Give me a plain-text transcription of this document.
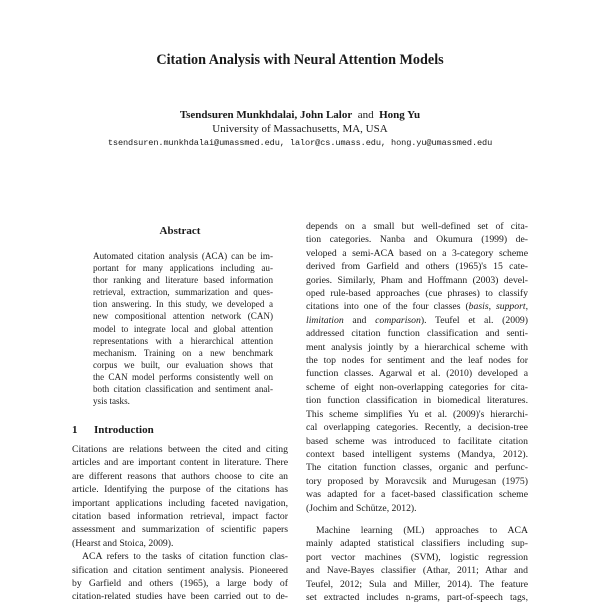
Citation Analysis with Neural Attention Models
Tsendsuren Munkhdalai, John Lalor and Hong Yu
University of Massachusetts, MA, USA
tsendsuren.munkhdalai@umassmed.edu, lalor@cs.umass.edu, hong.yu@umassmed.edu
Abstract
Automated citation analysis (ACA) can be im-
portant for many applications including au-
thor ranking and literature based information
retrieval, extraction, summarization and ques-
tion answering. In this study, we developed a
new compositional attention network (CAN)
model to integrate local and global attention
representations with a hierarchical attention
mechanism. Training on a new benchmark
corpus we built, our evaluation shows that
the CAN model performs consistently well on
both citation classification and sentiment anal-
ysis tasks.
1 Introduction
Citations are relations between the cited and citing
articles and are important content in literature. There
are different reasons that authors choose to cite an
article. Identifying the purpose of the citations has
important applications including faceted navigation,
citation based information retrieval, impact factor
assessment and summarization of scientific papers
(Hearst and Stoica, 2009).
ACA refers to the tasks of citation function clas-
sification and citation sentiment analysis. Pioneered
by Garfield and others (1965), a large body of
citation-related studies have been carried out to de-
depends on a small but well-defined set of cita-
tion categories. Nanba and Okumura (1999) de-
veloped a semi-ACA based on a 3-category scheme
derived from Garfield and others (1965)'s 15 cate-
gories. Similarly, Pham and Hoffmann (2003) devel-
oped rule-based approaches (cue phrases) to classify
citations into one of the four classes (basis, support,
limitation and comparison). Teufel et al. (2009)
addressed citation function classification and senti-
ment analysis jointly by a hierarchical scheme with
the top nodes for sentiment and the leaf nodes for
function classes. Agarwal et al. (2010) developed a
scheme of eight non-overlapping categories for cita-
tion function classification in biomedical literatures.
This scheme simplifies Yu et al. (2009)'s hierarchi-
cal overlapping categories. Recently, a decision-tree
based scheme was introduced to facilitate citation
context based intelligent systems (Mandya, 2012).
The citation function classes, organic and perfunc-
tory proposed by Moravcsik and Murugesan (1975)
was adapted for a facet-based classification scheme
(Jochim and Schütze, 2012).
Machine learning (ML) approaches to ACA
mainly adapted statistical classifiers including sup-
port vector machines (SVM), logistic regression
and Nave-Bayes classifier (Athar, 2011; Athar and
Teufel, 2012; Sula and Miller, 2014). The feature
set extracted includes n-grams, part-of-speech tags,
